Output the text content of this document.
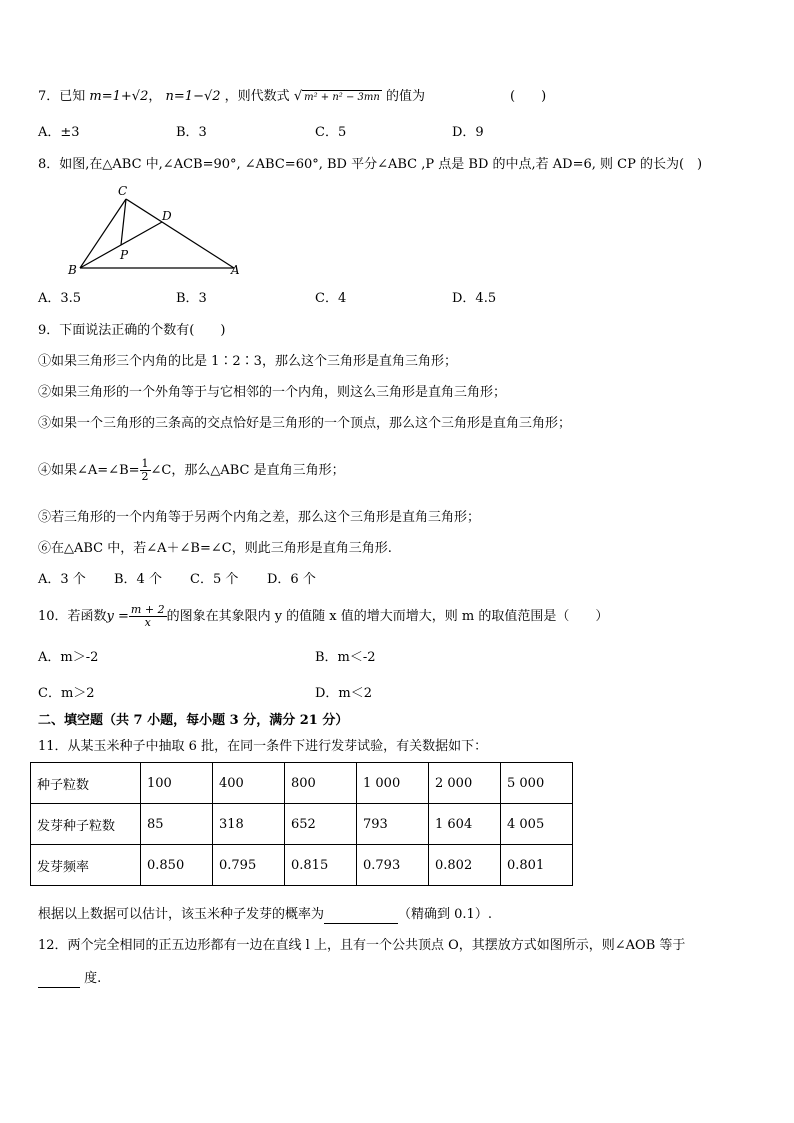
7．已知 m=1+√2， n=1−√2 ，则代数式 √ m² + n² − 3mn 的值为	(　　)
A．±3	B．3	C．5	D．9
8．如图,在△ABC 中,∠ACB=90°, ∠ABC=60°, BD 平分∠ABC ,P 点是 BD 的中点,若 AD=6, 则 CP 的长为(　)
C
D
P
B	A
A．3.5	B．3	C．4	D．4.5
9．下面说法正确的个数有(　　)
①如果三角形三个内角的比是 1∶2∶3，那么这个三角形是直角三角形；
②如果三角形的一个外角等于与它相邻的一个内角，则这么三角形是直角三角形；
③如果一个三角形的三条高的交点恰好是三角形的一个顶点，那么这个三角形是直角三角形；
④如果∠A=∠B= $\frac{1}{2}$ ∠C，那么△ABC 是直角三角形；
⑤若三角形的一个内角等于另两个内角之差，那么这个三角形是直角三角形；
⑥在△ABC 中，若∠A＋∠B=∠C，则此三角形是直角三角形.
A．3 个 B．4 个 C．5 个 D．6 个
10．若函数$y = \frac{m + 2}{x}$ 的图象在其象限内 y 的值随 x 值的增大而增大，则 m 的取值范围是（　　）
A．m＞-2	B．m＜-2
C．m＞2	D．m＜2
二、填空题（共 7 小题，每小题 3 分，满分 21 分）
11．从某玉米种子中抽取 6 批，在同一条件下进行发芽试验，有关数据如下：
种子粒数	100	400	800	1 000	2 000	5 000
发芽种子粒数	85	318	652	793	1 604	4 005
发芽频率	0.850	0.795	0.815	0.793	0.802	0.801
根据以上数据可以估计，该玉米种子发芽的概率为	（精确到 0.1）.
12．两个完全相同的正五边形都有一边在直线 l 上，且有一个公共顶点 O，其摆放方式如图所示，则∠AOB 等于
度.
